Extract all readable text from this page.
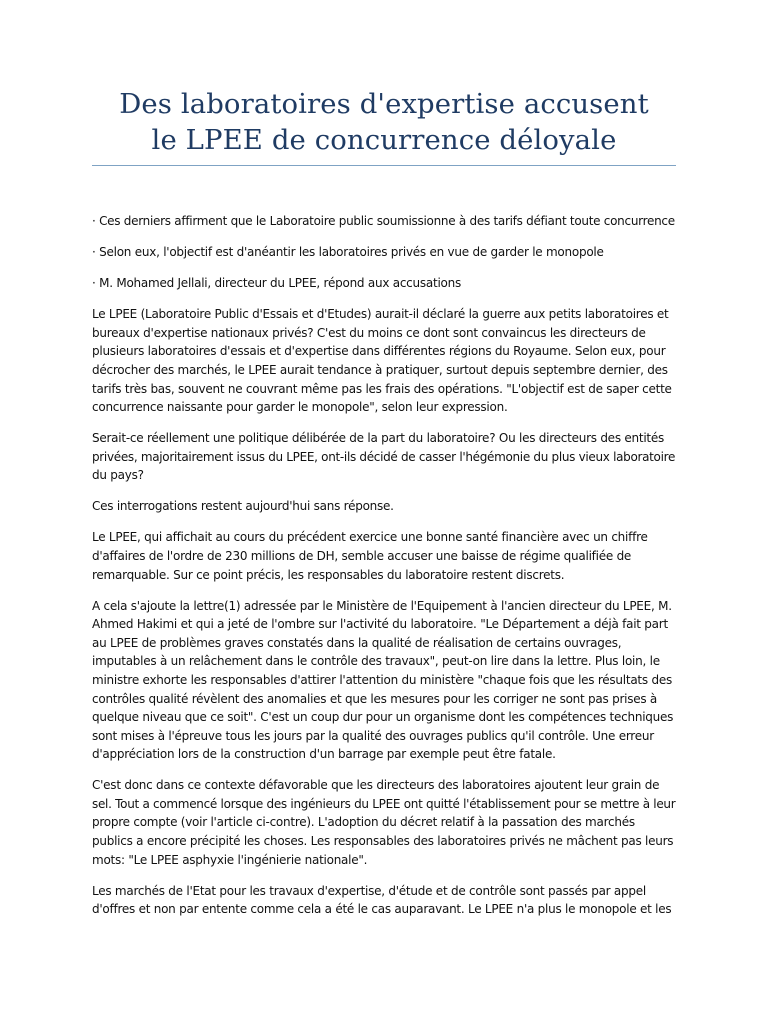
Des laboratoires d'expertise accusent
le LPEE de concurrence déloyale
· Ces derniers affirment que le Laboratoire public soumissionne à des tarifs défiant toute concurrence
· Selon eux, l'objectif est d'anéantir les laboratoires privés en vue de garder le monopole
· M. Mohamed Jellali, directeur du LPEE, répond aux accusations

Le LPEE (Laboratoire Public d'Essais et d'Etudes) aurait-il déclaré la guerre aux petits laboratoires et
bureaux d'expertise nationaux privés? C'est du moins ce dont sont convaincus les directeurs de
plusieurs laboratoires d'essais et d'expertise dans différentes régions du Royaume. Selon eux, pour
décrocher des marchés, le LPEE aurait tendance à pratiquer, surtout depuis septembre dernier, des
tarifs très bas, souvent ne couvrant même pas les frais des opérations. "L'objectif est de saper cette
concurrence naissante pour garder le monopole", selon leur expression.

Serait-ce réellement une politique délibérée de la part du laboratoire? Ou les directeurs des entités
privées, majoritairement issus du LPEE, ont-ils décidé de casser l'hégémonie du plus vieux laboratoire
du pays?

Ces interrogations restent aujourd'hui sans réponse.

Le LPEE, qui affichait au cours du précédent exercice une bonne santé financière avec un chiffre
d'affaires de l'ordre de 230 millions de DH, semble accuser une baisse de régime qualifiée de
remarquable. Sur ce point précis, les responsables du laboratoire restent discrets.

A cela s'ajoute la lettre(1) adressée par le Ministère de l'Equipement à l'ancien directeur du LPEE, M.
Ahmed Hakimi et qui a jeté de l'ombre sur l'activité du laboratoire. "Le Département a déjà fait part
au LPEE de problèmes graves constatés dans la qualité de réalisation de certains ouvrages,
imputables à un relâchement dans le contrôle des travaux", peut-on lire dans la lettre. Plus loin, le
ministre exhorte les responsables d'attirer l'attention du ministère "chaque fois que les résultats des
contrôles qualité révèlent des anomalies et que les mesures pour les corriger ne sont pas prises à
quelque niveau que ce soit". C'est un coup dur pour un organisme dont les compétences techniques
sont mises à l'épreuve tous les jours par la qualité des ouvrages publics qu'il contrôle. Une erreur
d'appréciation lors de la construction d'un barrage par exemple peut être fatale.

C'est donc dans ce contexte défavorable que les directeurs des laboratoires ajoutent leur grain de
sel. Tout a commencé lorsque des ingénieurs du LPEE ont quitté l'établissement pour se mettre à leur
propre compte (voir l'article ci-contre). L'adoption du décret relatif à la passation des marchés
publics a encore précipité les choses. Les responsables des laboratoires privés ne mâchent pas leurs
mots: "Le LPEE asphyxie l'ingénierie nationale".

Les marchés de l'Etat pour les travaux d'expertise, d'étude et de contrôle sont passés par appel
d'offres et non par entente comme cela a été le cas auparavant. Le LPEE n'a plus le monopole et les
